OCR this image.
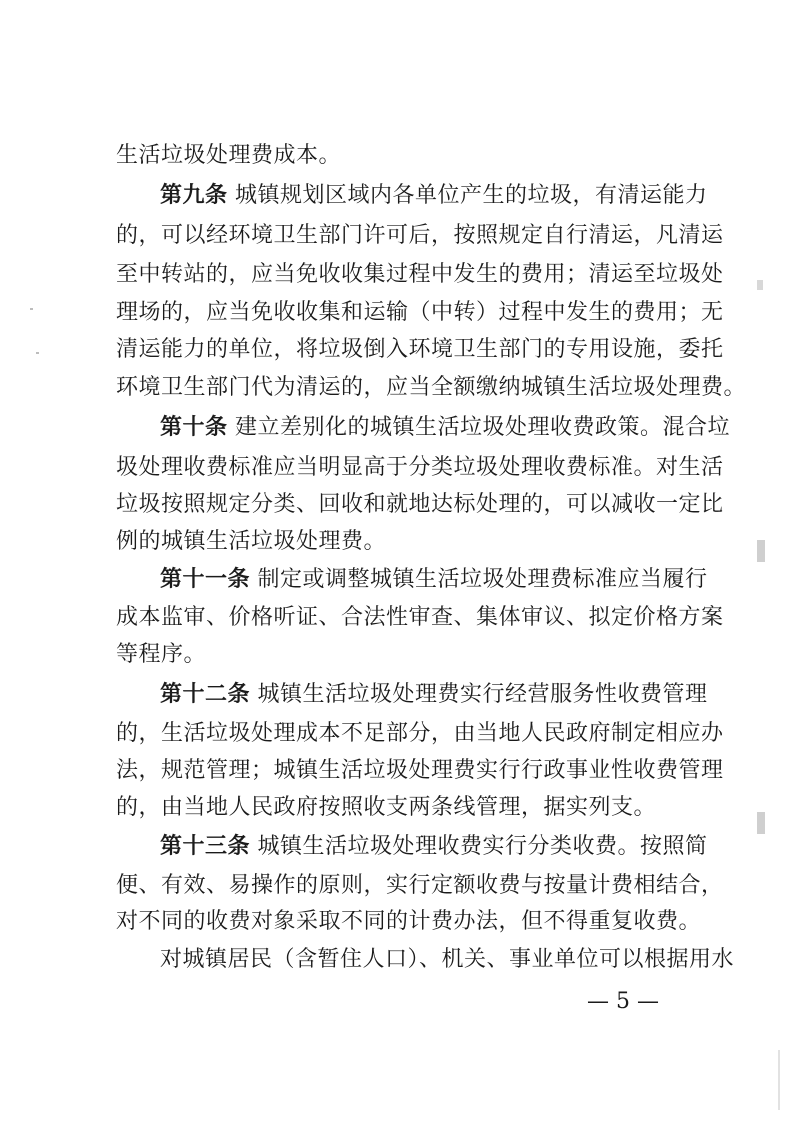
生活垃圾处理费成本。
第九条 城镇规划区域内各单位产生的垃圾，有清运能力
的，可以经环境卫生部门许可后，按照规定自行清运，凡清运
至中转站的，应当免收收集过程中发生的费用；清运至垃圾处
理场的，应当免收收集和运输（中转）过程中发生的费用；无
清运能力的单位，将垃圾倒入环境卫生部门的专用设施，委托
环境卫生部门代为清运的，应当全额缴纳城镇生活垃圾处理费。
第十条 建立差别化的城镇生活垃圾处理收费政策。混合垃
圾处理收费标准应当明显高于分类垃圾处理收费标准。对生活
垃圾按照规定分类、回收和就地达标处理的，可以减收一定比
例的城镇生活垃圾处理费。
第十一条 制定或调整城镇生活垃圾处理费标准应当履行
成本监审、价格听证、合法性审查、集体审议、拟定价格方案
等程序。
第十二条 城镇生活垃圾处理费实行经营服务性收费管理
的，生活垃圾处理成本不足部分，由当地人民政府制定相应办
法，规范管理；城镇生活垃圾处理费实行行政事业性收费管理
的，由当地人民政府按照收支两条线管理，据实列支。
第十三条 城镇生活垃圾处理收费实行分类收费。按照简
便、有效、易操作的原则，实行定额收费与按量计费相结合，
对不同的收费对象采取不同的计费办法，但不得重复收费。
对城镇居民（含暂住人口）、机关、事业单位可以根据用水
— 5 —
